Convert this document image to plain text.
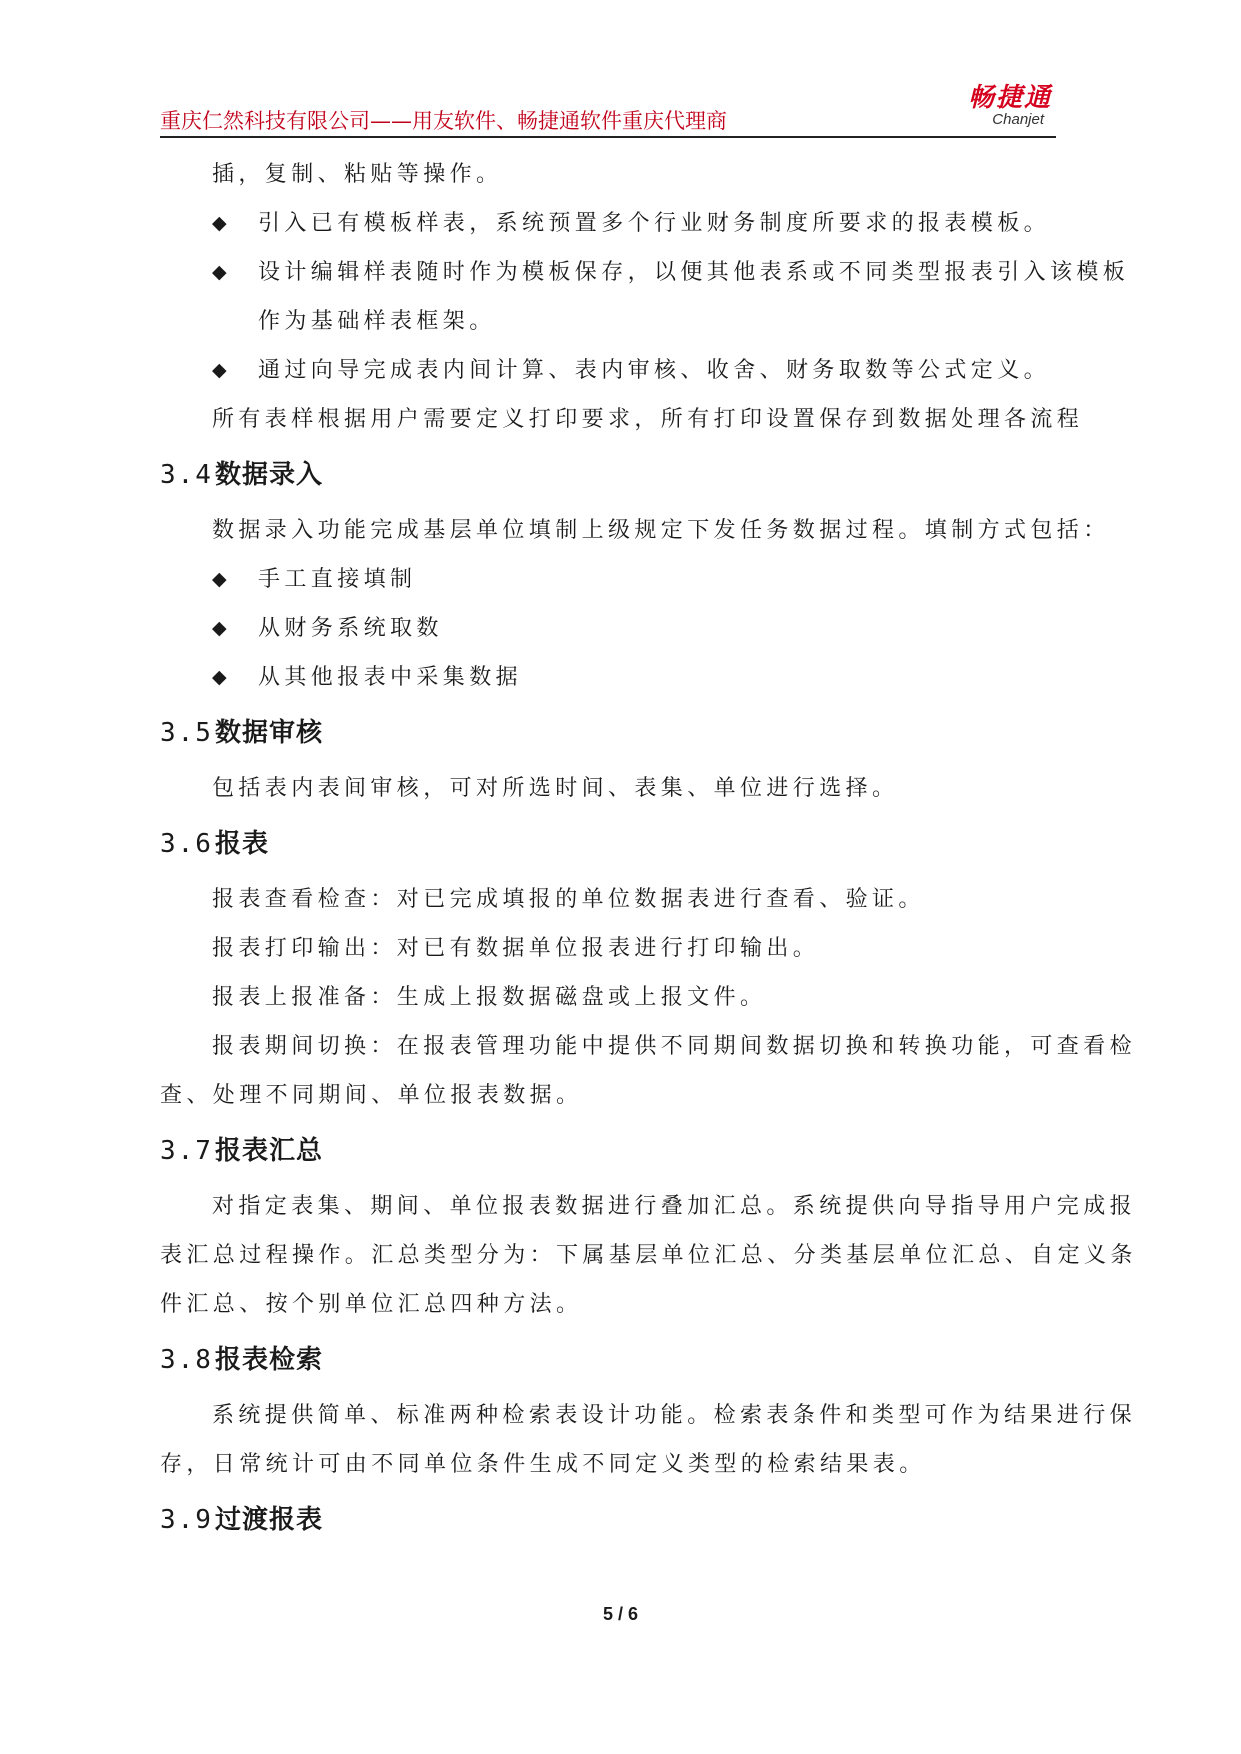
重庆仁然科技有限公司——用友软件、畅捷通软件重庆代理商
畅捷通
Chanjet

插，复制、粘贴等操作。

◆	引入已有模板样表，系统预置多个行业财务制度所要求的报表模板。

◆	设计编辑样表随时作为模板保存，以便其他表系或不同类型报表引入该模板

作为基础样表框架。

◆	通过向导完成表内间计算、表内审核、收舍、财务取数等公式定义。

所有表样根据用户需要定义打印要求，所有打印设置保存到数据处理各流程

3.4数据录入

数据录入功能完成基层单位填制上级规定下发任务数据过程。填制方式包括：

◆	手工直接填制

◆	从财务系统取数

◆	从其他报表中采集数据

3.5数据审核

包括表内表间审核，可对所选时间、表集、单位进行选择。

3.6报表

报表查看检查：对已完成填报的单位数据表进行查看、验证。

报表打印输出：对已有数据单位报表进行打印输出。

报表上报准备：生成上报数据磁盘或上报文件。

报表期间切换：在报表管理功能中提供不同期间数据切换和转换功能，可查看检

查、处理不同期间、单位报表数据。

3.7报表汇总

对指定表集、期间、单位报表数据进行叠加汇总。系统提供向导指导用户完成报

表汇总过程操作。汇总类型分为：下属基层单位汇总、分类基层单位汇总、自定义条

件汇总、按个别单位汇总四种方法。

3.8报表检索

系统提供简单、标准两种检索表设计功能。检索表条件和类型可作为结果进行保

存，日常统计可由不同单位条件生成不同定义类型的检索结果表。

3.9过渡报表
5 / 6
